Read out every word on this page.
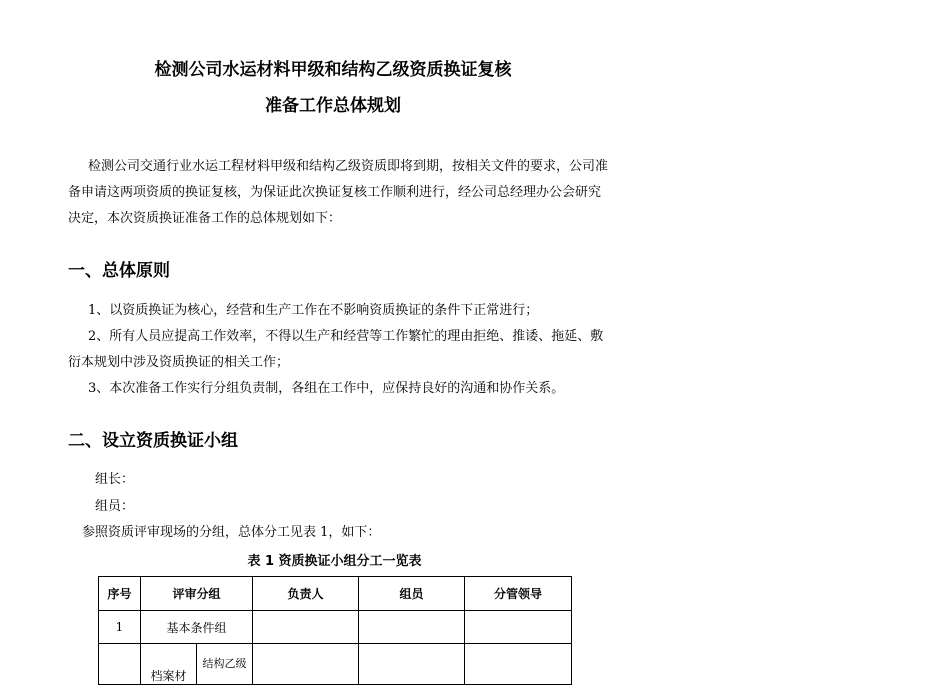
检测公司水运材料甲级和结构乙级资质换证复核
准备工作总体规划
检测公司交通行业水运工程材料甲级和结构乙级资质即将到期，按相关文件的要求，公司准备申请这两项资质的换证复核，为保证此次换证复核工作顺利进行，经公司总经理办公会研究决定，本次资质换证准备工作的总体规划如下：
一、总体原则
1、以资质换证为核心，经营和生产工作在不影响资质换证的条件下正常进行；
2、所有人员应提高工作效率，不得以生产和经营等工作繁忙的理由拒绝、推诿、拖延、敷衍本规划中涉及资质换证的相关工作；
3、本次准备工作实行分组负责制，各组在工作中，应保持良好的沟通和协作关系。
二、设立资质换证小组
组长：
组员：
参照资质评审现场的分组，总体分工见表 1，如下：
表 1 资质换证小组分工一览表
序号	评审分组		负责人	组员	分管领导
1	基本条件组				
	档案材	结构乙级			
